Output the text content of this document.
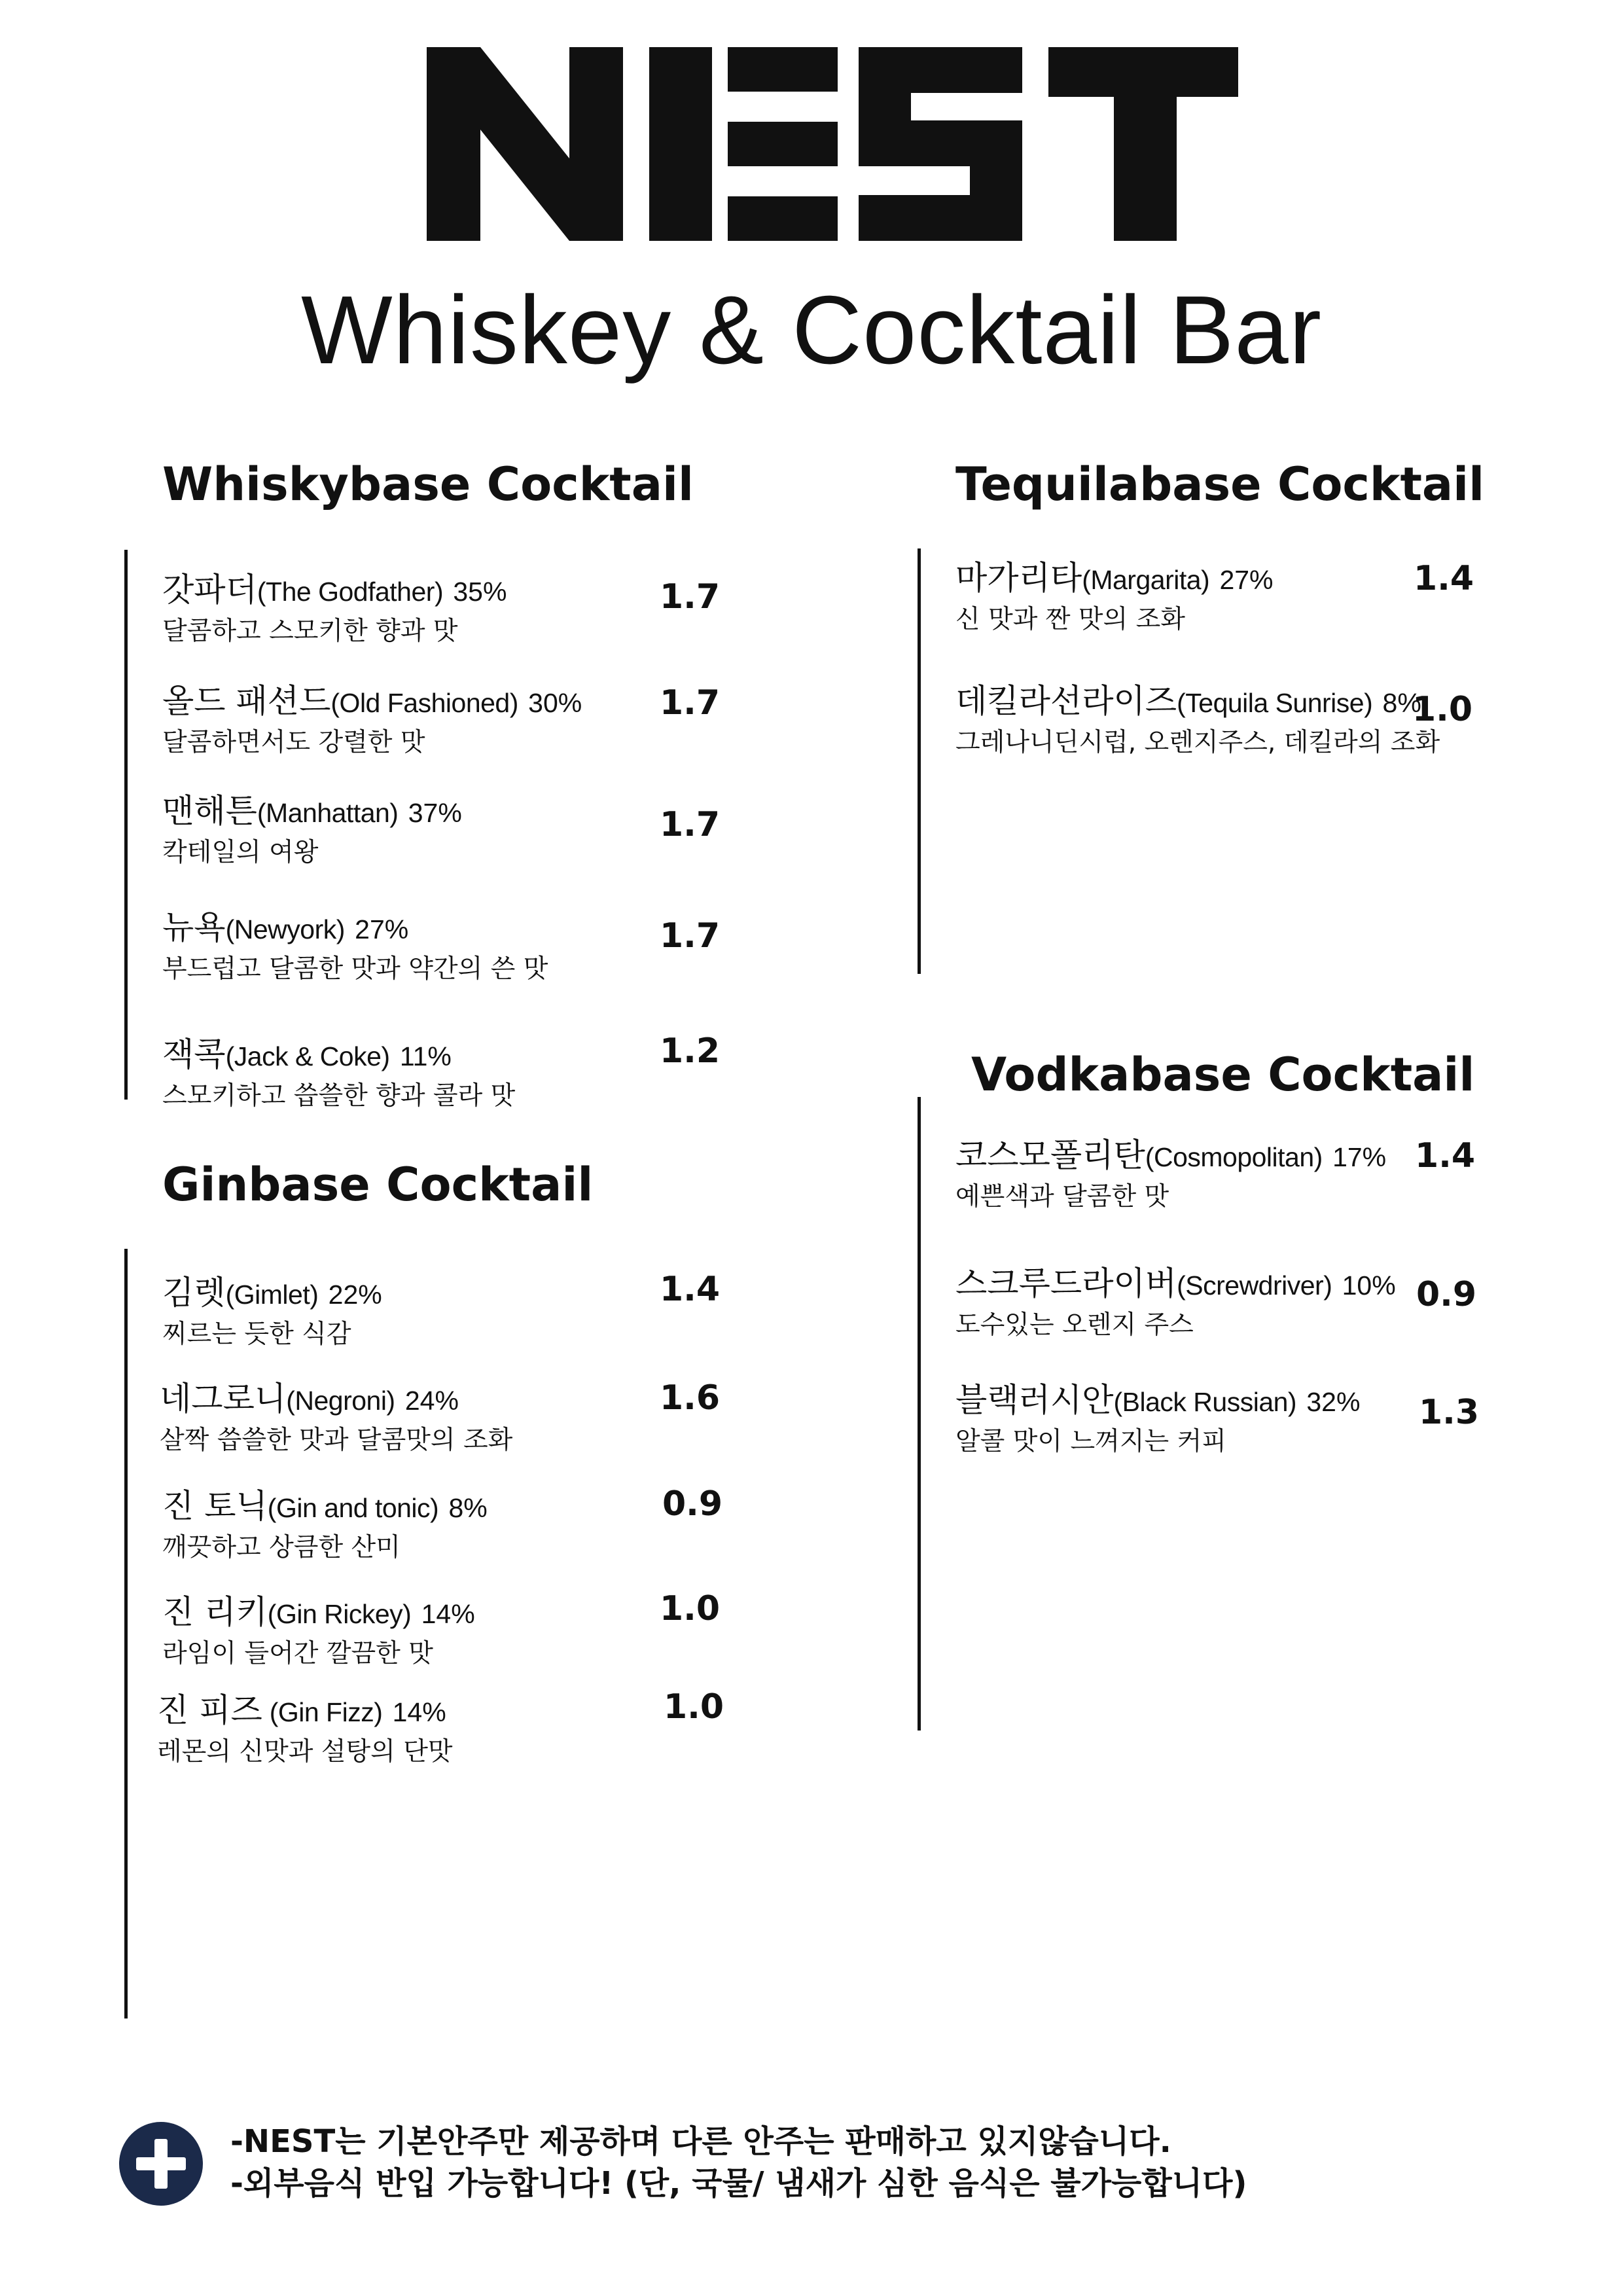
Whiskey & Cocktail Bar
Whiskybase Cocktail
갓파더(The Godfather) 35%
달콤하고 스모키한 향과 맛
1.7
올드 패션드(Old Fashioned) 30%
달콤하면서도 강렬한 맛
1.7
맨해튼(Manhattan) 37%
칵테일의 여왕
1.7
뉴욕(Newyork) 27%
부드럽고 달콤한 맛과 약간의 쓴 맛
1.7
잭콕(Jack & Coke) 11%
스모키하고 씁쓸한 향과 콜라 맛
1.2
Ginbase Cocktail
김렛(Gimlet) 22%
찌르는 듯한 식감
1.4
네그로니(Negroni) 24%
살짝 씁쓸한 맛과 달콤맛의 조화
1.6
진 토닉(Gin and tonic) 8%
깨끗하고 상큼한 산미
0.9
진 리키(Gin Rickey) 14%
라임이 들어간 깔끔한 맛
1.0
진 피즈 (Gin Fizz) 14%
레몬의 신맛과 설탕의 단맛
1.0
Tequilabase Cocktail
마가리타(Margarita) 27%
신 맛과 짠 맛의 조화
1.4
데킬라선라이즈(Tequila Sunrise) 8%
그레나니딘시럽, 오렌지주스, 데킬라의 조화
1.0
Vodkabase Cocktail
코스모폴리탄(Cosmopolitan) 17%
예쁜색과 달콤한 맛
1.4
스크루드라이버(Screwdriver) 10%
도수있는 오렌지 주스
0.9
블랙러시안(Black Russian) 32%
알콜 맛이 느껴지는 커피
1.3
-NEST는 기본안주만 제공하며 다른 안주는 판매하고 있지않습니다.
-외부음식 반입 가능합니다! (단, 국물/ 냄새가 심한 음식은 불가능합니다)
